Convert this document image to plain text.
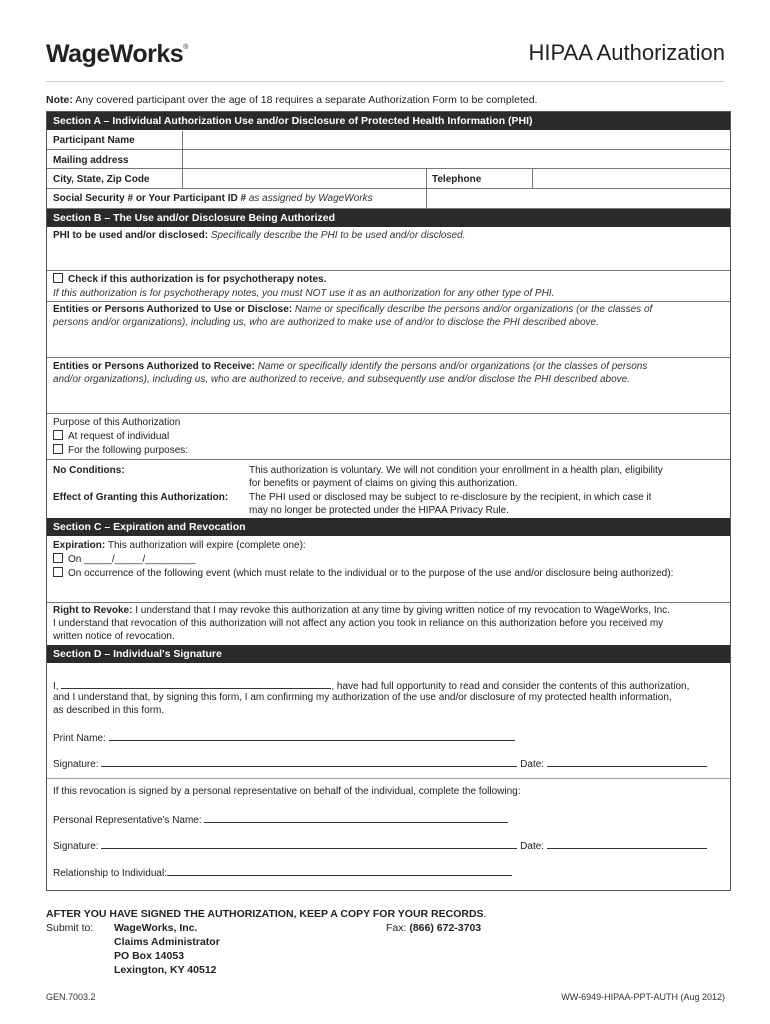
WageWorks®	HIPAA Authorization
Note: Any covered participant over the age of 18 requires a separate Authorization Form to be completed.
Section A – Individual Authorization Use and/or Disclosure of Protected Health Information (PHI)
Participant Name
Mailing address
City, State, Zip Code	Telephone
Social Security # or Your Participant ID # as assigned by WageWorks
Section B – The Use and/or Disclosure Being Authorized
PHI to be used and/or disclosed: Specifically describe the PHI to be used and/or disclosed.
Check if this authorization is for psychotherapy notes.
If this authorization is for psychotherapy notes, you must NOT use it as an authorization for any other type of PHI.
Entities or Persons Authorized to Use or Disclose: Name or specifically describe the persons and/or organizations (or the classes of
persons and/or organizations), including us, who are authorized to make use of and/or to disclose the PHI described above.
Entities or Persons Authorized to Receive: Name or specifically identify the persons and/or organizations (or the classes of persons
and/or organizations), including us, who are authorized to receive, and subsequently use and/or disclose the PHI described above.
Purpose of this Authorization
At request of individual
For the following purposes:
No Conditions:	This authorization is voluntary. We will not condition your enrollment in a health plan, eligibility
for benefits or payment of claims on giving this authorization.
Effect of Granting this Authorization: The PHI used or disclosed may be subject to re-disclosure by the recipient, in which case it
may no longer be protected under the HIPAA Privacy Rule.
Section C – Expiration and Revocation
Expiration: This authorization will expire (complete one):
On _____/_____/_________
On occurrence of the following event (which must relate to the individual or to the purpose of the use and/or disclosure being authorized):
Right to Revoke: I understand that I may revoke this authorization at any time by giving written notice of my revocation to WageWorks, Inc.
I understand that revocation of this authorization will not affect any action you took in reliance on this authorization before you received my
written notice of revocation.
Section D – Individual's Signature
I,	, have had full opportunity to read and consider the contents of this authorization,
and I understand that, by signing this form, I am confirming my authorization of the use and/or disclosure of my protected health information,
as described in this form.
Print Name:
Signature:	Date:
If this revocation is signed by a personal representative on behalf of the individual, complete the following:
Personal Representative's Name:
Signature:	Date:
Relationship to Individual:
AFTER YOU HAVE SIGNED THE AUTHORIZATION, KEEP A COPY FOR YOUR RECORDS.
Submit to: WageWorks, Inc.
Claims Administrator
PO Box 14053
Lexington, KY 40512
Fax: (866) 672-3703
GEN.7003.2	WW-6949-HIPAA-PPT-AUTH (Aug 2012)
